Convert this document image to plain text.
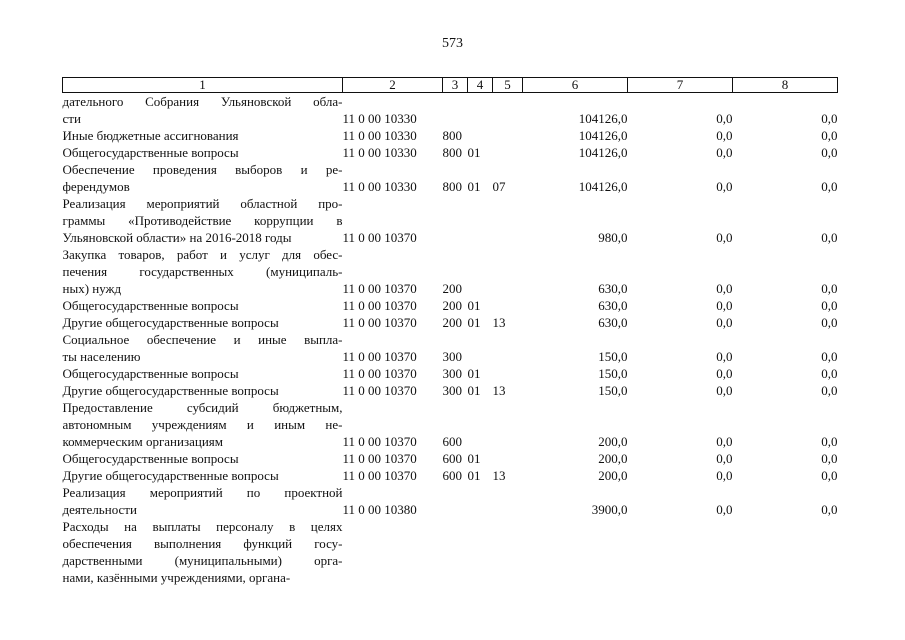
573
1	2	3	4	5	6	7	8

дательного Собрания Ульяновской обла-
сти	11 0 00 10330				104126,0	0,0	0,0

Иные бюджетные ассигнования	11 0 00 10330	800			104126,0	0,0	0,0

Общегосударственные вопросы	11 0 00 10330	800	01		104126,0	0,0	0,0

Обеспечение проведения выборов и ре-
ферендумов	11 0 00 10330	800	01	07	104126,0	0,0	0,0

Реализация мероприятий областной про-
граммы «Противодействие коррупции в
Ульяновской области» на 2016-2018 годы	11 0 00 10370				980,0	0,0	0,0

Закупка товаров, работ и услуг для обес-
печения государственных (муниципаль-
ных) нужд	11 0 00 10370	200			630,0	0,0	0,0

Общегосударственные вопросы	11 0 00 10370	200	01		630,0	0,0	0,0

Другие общегосударственные вопросы	11 0 00 10370	200	01	13	630,0	0,0	0,0

Социальное обеспечение и иные выпла-
ты населению	11 0 00 10370	300			150,0	0,0	0,0

Общегосударственные вопросы	11 0 00 10370	300	01		150,0	0,0	0,0

Другие общегосударственные вопросы	11 0 00 10370	300	01	13	150,0	0,0	0,0

Предоставление субсидий бюджетным,
автономным учреждениям и иным не-
коммерческим организациям	11 0 00 10370	600			200,0	0,0	0,0

Общегосударственные вопросы	11 0 00 10370	600	01		200,0	0,0	0,0

Другие общегосударственные вопросы	11 0 00 10370	600	01	13	200,0	0,0	0,0

Реализация мероприятий по проектной
деятельности	11 0 00 10380				3900,0	0,0	0,0

Расходы на выплаты персоналу в целях
обеспечения выполнения функций госу-
дарственными (муниципальными) орга-
нами, казёнными учреждениями, органа-							
